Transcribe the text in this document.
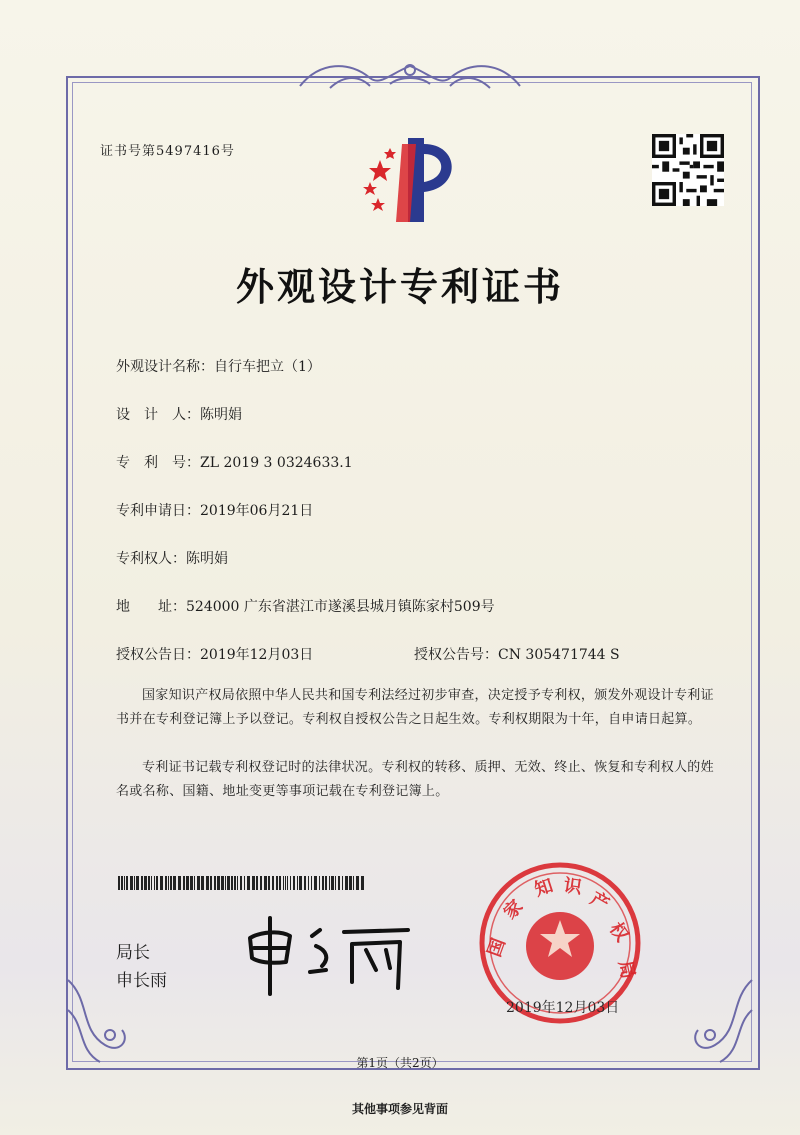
证书号第5497416号
外观设计专利证书
外观设计名称：自行车把立（1）
设　计　人：陈明娟
专　利　号：ZL 2019 3 0324633.1
专利申请日：2019年06月21日
专利权人：陈明娟
地　　址：524000 广东省湛江市遂溪县城月镇陈家村509号
授权公告日：2019年12月03日	授权公告号：CN 305471744 S
国家知识产权局依照中华人民共和国专利法经过初步审查，决定授予专利权，颁发外观设计专利证书并在专利登记簿上予以登记。专利权自授权公告之日起生效。专利权期限为十年，自申请日起算。
专利证书记载专利权登记时的法律状况。专利权的转移、质押、无效、终止、恢复和专利权人的姓名或名称、国籍、地址变更等事项记载在专利登记簿上。
局长
申长雨
国
家
知 识
产
权
局
2019年12月03日
第1页（共2页）
其他事项参见背面
